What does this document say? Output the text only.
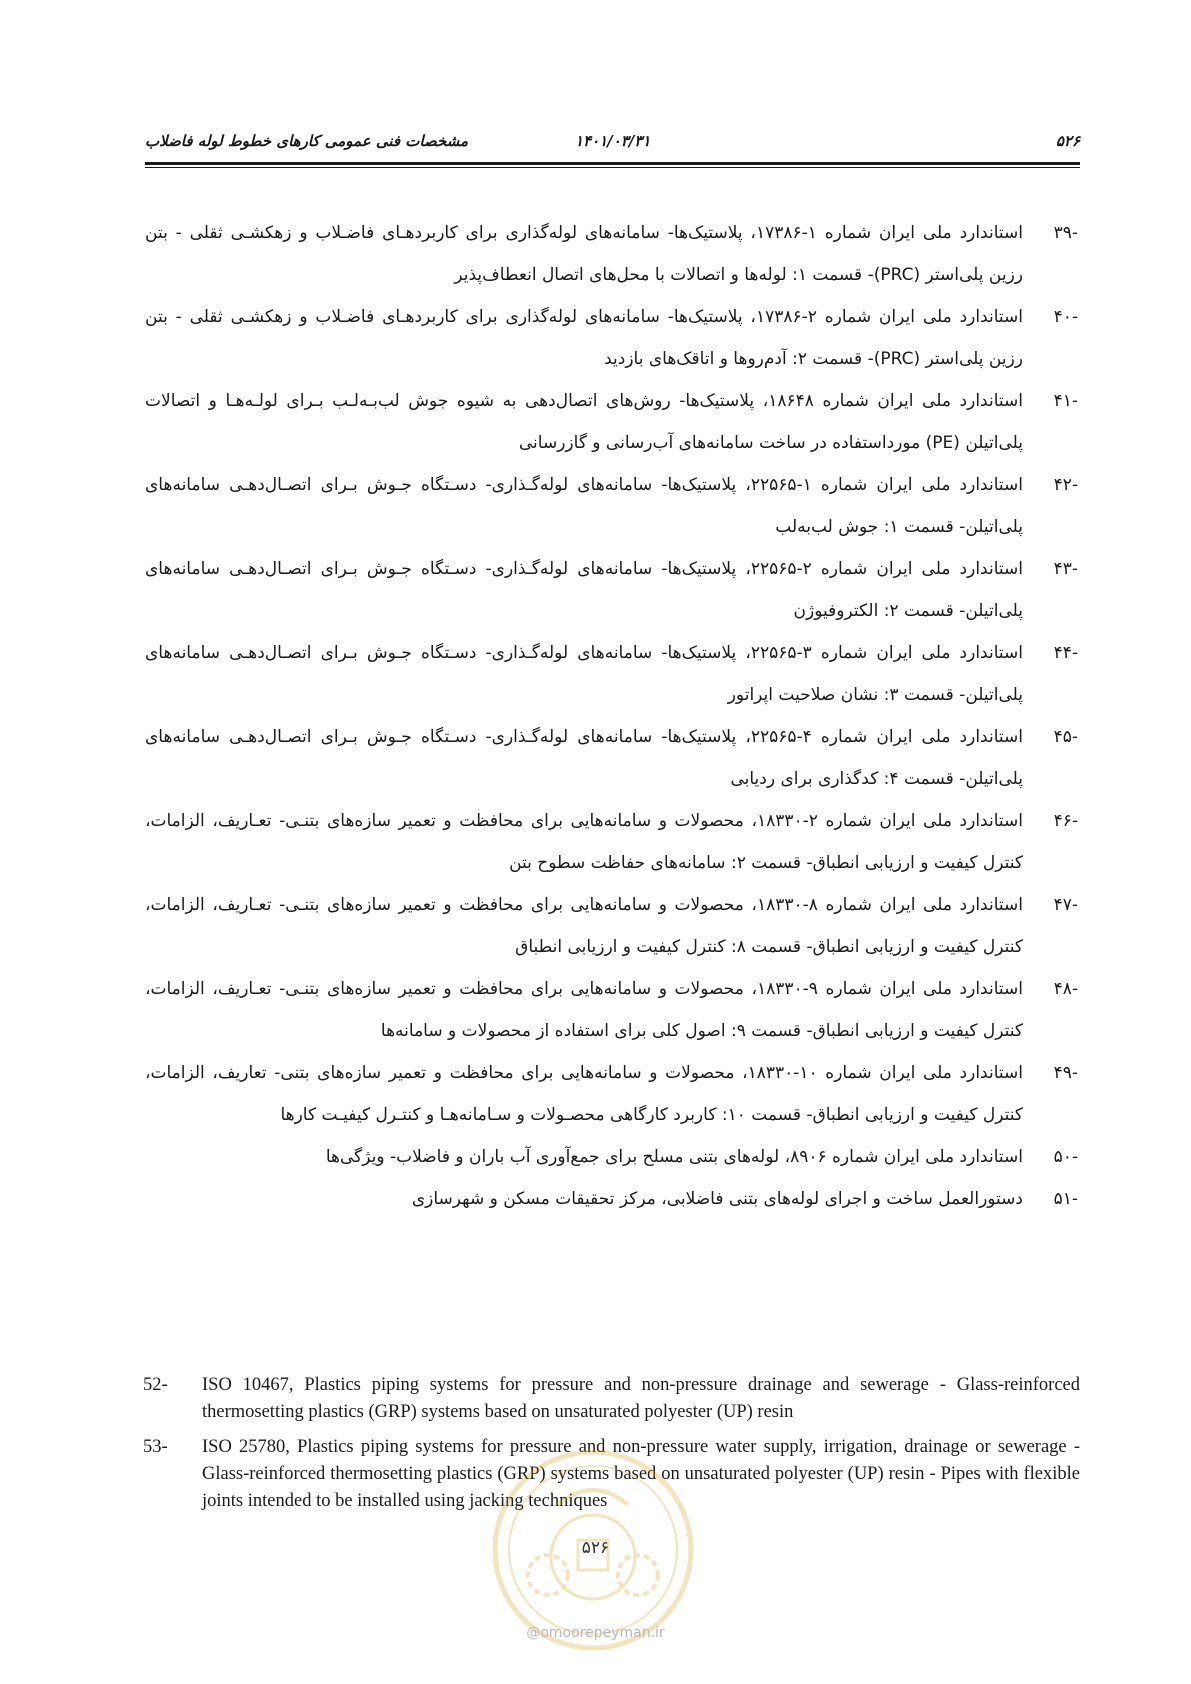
۵۲۶
۱۴۰۱/۰۳/۳۱
مشخصات فنی عمومی کارهای خطوط لوله فاضلاب
-۳۹
استاندارد ملی ایران شماره ۱-۱۷۳۸۶، پلاستیک‌ها- سامانه‌های لوله‌گذاری برای کاربردهـای فاضـلاب و زهکشـی ثقلی - بتن رزین پلی‌استر (PRC)- قسمت ۱: لوله‌ها و اتصالات با محل‌های اتصال انعطاف‌پذیر
-۴۰
استاندارد ملی ایران شماره ۲-۱۷۳۸۶، پلاستیک‌ها- سامانه‌های لوله‌گذاری برای کاربردهـای فاضـلاب و زهکشـی ثقلی - بتن رزین پلی‌استر (PRC)- قسمت ۲: آدم‌روها و اتاقک‌های بازدید
-۴۱
استاندارد ملی ایران شماره ۱۸۶۴۸، پلاستیک‌ها- روش‌های اتصال‌دهی به شیوه جوش لب‌بـه‌لـب بـرای لولـه‌هـا و اتصالات پلی‌اتیلن (PE) مورداستفاده در ساخت سامانه‌های آب‌رسانی و گازرسانی
-۴۲
استاندارد ملی ایران شماره ۱-۲۲۵۶۵، پلاستیک‌ها- سامانه‌های لوله‌گـذاری- دسـتگاه جـوش بـرای اتصـال‌دهـی سامانه‌های پلی‌اتیلن- قسمت ۱: جوش لب‌به‌لب
-۴۳
استاندارد ملی ایران شماره ۲-۲۲۵۶۵، پلاستیک‌ها- سامانه‌های لوله‌گـذاری- دسـتگاه جـوش بـرای اتصـال‌دهـی سامانه‌های پلی‌اتیلن- قسمت ۲: الکتروفیوژن
-۴۴
استاندارد ملی ایران شماره ۳-۲۲۵۶۵، پلاستیک‌ها- سامانه‌های لوله‌گـذاری- دسـتگاه جـوش بـرای اتصـال‌دهـی سامانه‌های پلی‌اتیلن- قسمت ۳: نشان صلاحیت اپراتور
-۴۵
استاندارد ملی ایران شماره ۴-۲۲۵۶۵، پلاستیک‌ها- سامانه‌های لوله‌گـذاری- دسـتگاه جـوش بـرای اتصـال‌دهـی سامانه‌های پلی‌اتیلن- قسمت ۴: کدگذاری برای ردیابی
-۴۶
استاندارد ملی ایران شماره ۲-۱۸۳۳۰، محصولات و سامانه‌هایی برای محافظت و تعمیر سازه‌های بتنـی- تعـاریف، الزامات، کنترل کیفیت و ارزیابی انطباق- قسمت ۲: سامانه‌های حفاظت سطوح بتن
-۴۷
استاندارد ملی ایران شماره ۸-۱۸۳۳۰، محصولات و سامانه‌هایی برای محافظت و تعمیر سازه‌های بتنـی- تعـاریف، الزامات، کنترل کیفیت و ارزیابی انطباق- قسمت ۸: کنترل کیفیت و ارزیابی انطباق
-۴۸
استاندارد ملی ایران شماره ۹-۱۸۳۳۰، محصولات و سامانه‌هایی برای محافظت و تعمیر سازه‌های بتنـی- تعـاریف، الزامات، کنترل کیفیت و ارزیابی انطباق- قسمت ۹: اصول کلی برای استفاده از محصولات و سامانه‌ها
-۴۹
استاندارد ملی ایران شماره ۱۰-۱۸۳۳۰، محصولات و سامانه‌هایی برای محافظت و تعمیر سازه‌های بتنی- تعاریف، الزامات، کنترل کیفیت و ارزیابی انطباق- قسمت ۱۰: کاربرد کارگاهی محصـولات و سـامانه‌هـا و کنتـرل کیفیـت کارها
-۵۰
استاندارد ملی ایران شماره ۸۹۰۶، لوله‌های بتنی مسلح برای جمع‌آوری آب باران و فاضلاب- ویژگی‌ها
-۵۱
دستورالعمل ساخت و اجرای لوله‌های بتنی فاضلابی، مرکز تحقیقات مسکن و شهرسازی
52- ISO 10467, Plastics piping systems for pressure and non-pressure drainage and sewerage - Glass-reinforced thermosetting plastics (GRP) systems based on unsaturated polyester (UP) resin
53- ISO 25780, Plastics piping systems for pressure and non-pressure water supply, irrigation, drainage or sewerage - Glass-reinforced thermosetting plastics (GRP) systems based on unsaturated polyester (UP) resin - Pipes with flexible joints intended to be installed using jacking techniques
۵۲۶
@omoorepeyman.ir
